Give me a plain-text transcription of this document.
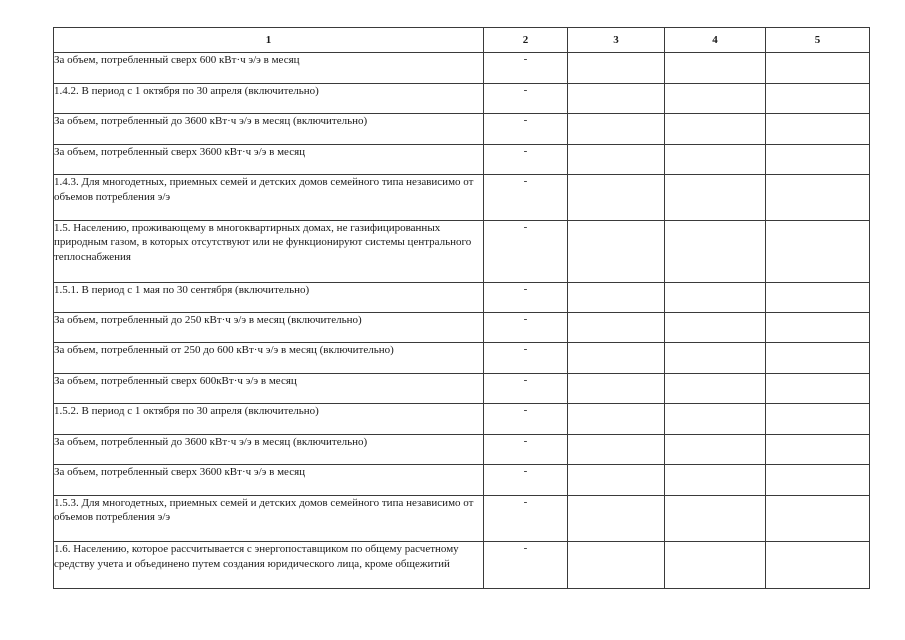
1	2	3	4	5
За объем, потребленный сверх 600 кВт·ч э/э в месяц	-			
1.4.2. В период с 1 октября по 30 апреля (включительно)	-			
За объем, потребленный до 3600 кВт·ч э/э в месяц (включительно)	-			
За объем, потребленный сверх 3600 кВт·ч э/э в месяц	-			
1.4.3. Для многодетных, приемных семей и детских домов семейного типа независимо от объемов потребления э/э	-			
1.5. Населению, проживающему в многоквартирных домах, не газифицированных природным газом, в которых отсутствуют или не функционируют системы центрального теплоснабжения	-			
1.5.1. В период с 1 мая по 30 сентября (включительно)	-			
За объем, потребленный до 250 кВт·ч э/э в месяц (включительно)	-			
За объем, потребленный от 250 до 600 кВт·ч э/э в месяц (включительно)	-			
За объем, потребленный сверх 600кВт·ч э/э в месяц	-			
1.5.2. В период с 1 октября по 30 апреля (включительно)	-			
За объем, потребленный до 3600 кВт·ч э/э в месяц (включительно)	-			
За объем, потребленный сверх 3600 кВт·ч э/э в месяц	-			
1.5.3. Для многодетных, приемных семей и детских домов семейного типа независимо от объемов потребления э/э	-			
1.6. Населению, которое рассчитывается с энергопоставщиком по общему расчетному средству учета и объединено путем создания юридического лица, кроме общежитий	-			
